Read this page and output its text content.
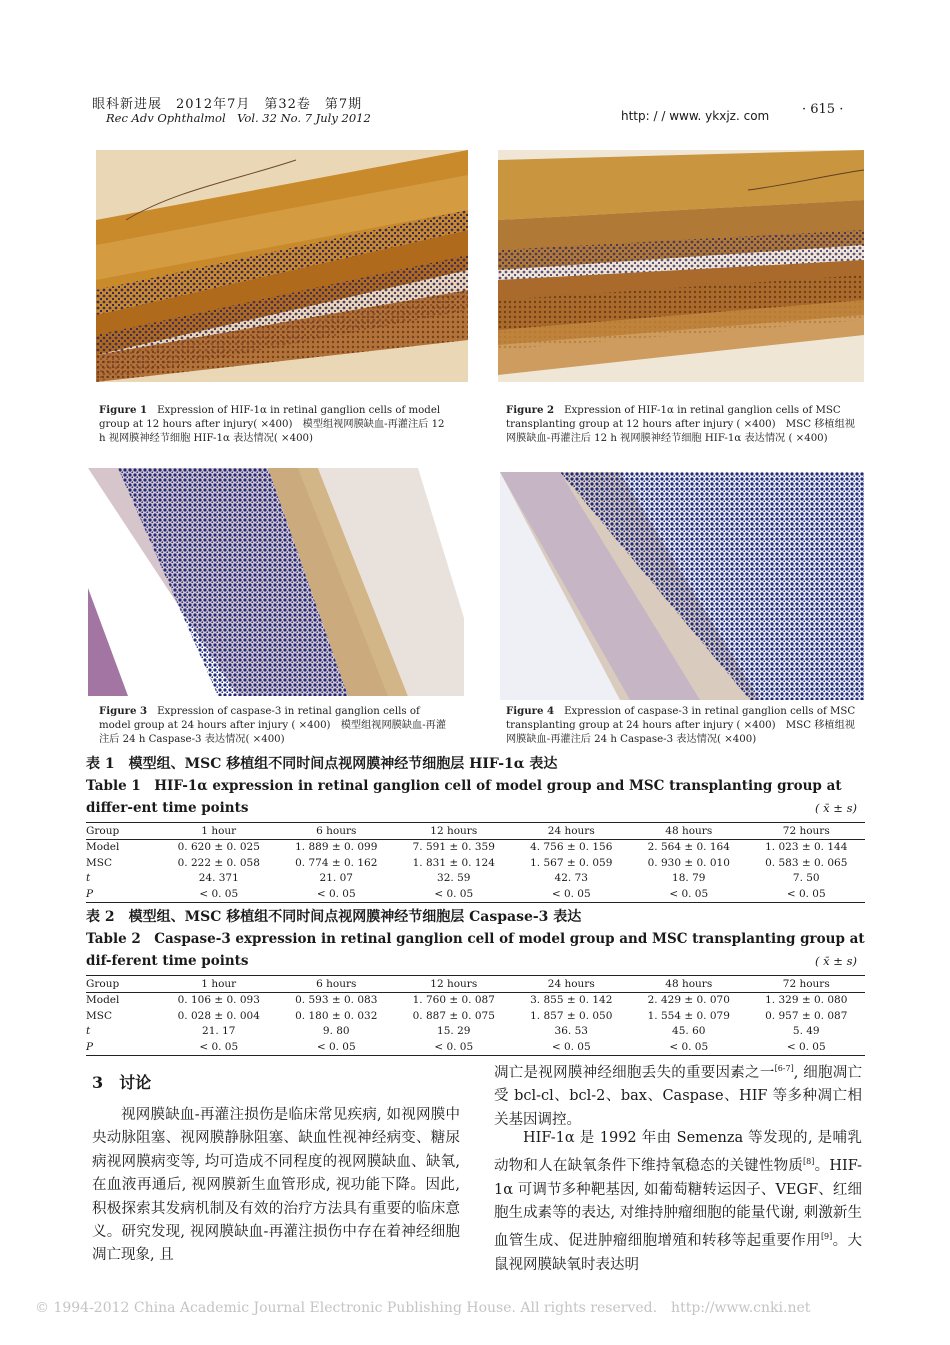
眼科新进展　2012年7月　第32卷　第7期
Rec Adv Ophthalmol　Vol. 32 No. 7 July 2012	http: / / www. ykxjz. com	· 615 ·
Figure 1 Expression of HIF-1α in retinal ganglion cells of model group at 12 hours after injury( ×400)　模型组视网膜缺血-再灌注后 12 h 视网膜神经节细胞 HIF-1α 表达情况( ×400)
Figure 2 Expression of HIF-1α in retinal ganglion cells of MSC transplanting group at 12 hours after injury ( ×400)　MSC 移植组视网膜缺血-再灌注后 12 h 视网膜神经节细胞 HIF-1α 表达情况 ( ×400)
Figure 3 Expression of caspase-3 in retinal ganglion cells of model group at 24 hours after injury ( ×400)　模型组视网膜缺血-再灌注后 24 h Caspase-3 表达情况( ×400)
Figure 4 Expression of caspase-3 in retinal ganglion cells of MSC transplanting group at 24 hours after injury ( ×400)　MSC 移植组视网膜缺血-再灌注后 24 h Caspase-3 表达情况( ×400)
表 1　模型组、MSC 移植组不同时间点视网膜神经节细胞层 HIF-1α 表达
Table 1　HIF-1α expression in retinal ganglion cell of model group and MSC transplanting group at differ-ent time points	( x̄ ± s)
Group	1 hour	6 hours	12 hours	24 hours	48 hours	72 hours
Model	0. 620 ± 0. 025	1. 889 ± 0. 099	7. 591 ± 0. 359	4. 756 ± 0. 156	2. 564 ± 0. 164	1. 023 ± 0. 144
MSC	0. 222 ± 0. 058	0. 774 ± 0. 162	1. 831 ± 0. 124	1. 567 ± 0. 059	0. 930 ± 0. 010	0. 583 ± 0. 065
t	24. 371	21. 07	32. 59	42. 73	18. 79	7. 50
P	< 0. 05	< 0. 05	< 0. 05	< 0. 05	< 0. 05	< 0. 05
表 2　模型组、MSC 移植组不同时间点视网膜神经节细胞层 Caspase-3 表达
Table 2　Caspase-3 expression in retinal ganglion cell of model group and MSC transplanting group at dif-ferent time points	( x̄ ± s)
Group	1 hour	6 hours	12 hours	24 hours	48 hours	72 hours
Model	0. 106 ± 0. 093	0. 593 ± 0. 083	1. 760 ± 0. 087	3. 855 ± 0. 142	2. 429 ± 0. 070	1. 329 ± 0. 080
MSC	0. 028 ± 0. 004	0. 180 ± 0. 032	0. 887 ± 0. 075	1. 857 ± 0. 050	1. 554 ± 0. 079	0. 957 ± 0. 087
t	21. 17	9. 80	15. 29	36. 53	45. 60	5. 49
P	< 0. 05	< 0. 05	< 0. 05	< 0. 05	< 0. 05	< 0. 05
3　讨论
视网膜缺血-再灌注损伤是临床常见疾病, 如视网膜中央动脉阻塞、视网膜静脉阻塞、缺血性视神经病变、糖尿病视网膜病变等, 均可造成不同程度的视网膜缺血、缺氧, 在血液再通后, 视网膜新生血管形成, 视功能下降。因此, 积极探索其发病机制及有效的治疗方法具有重要的临床意义。研究发现, 视网膜缺血-再灌注损伤中存在着神经细胞凋亡现象, 且
凋亡是视网膜神经细胞丢失的重要因素之一[6-7], 细胞凋亡受 bcl-cl、bcl-2、bax、Caspase、HIF 等多种凋亡相关基因调控。
HIF-1α 是 1992 年由 Semenza 等发现的, 是哺乳动物和人在缺氧条件下维持氧稳态的关键性物质[8]。HIF-1α 可调节多种靶基因, 如葡萄糖转运因子、VEGF、红细胞生成素等的表达, 对维持肿瘤细胞的能量代谢, 刺激新生血管生成、促进肿瘤细胞增殖和转移等起重要作用[9]。大鼠视网膜缺氧时表达明
© 1994-2012 China Academic Journal Electronic Publishing House. All rights reserved.　http://www.cnki.net
